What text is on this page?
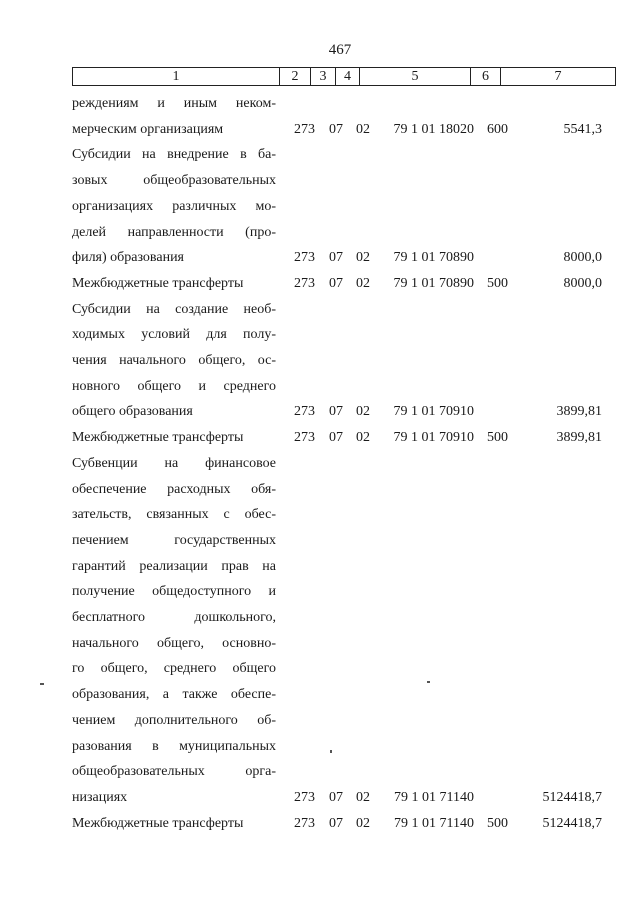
467
1	2	3	4	5	6	7
реждениям и иным неком-
мерческим организациям	273	07 02	79 1 01 18020 600	5541,3
Субсидии на внедрение в ба-
зовых общеобразовательных
организациях различных мо-
делей направленности (про-
филя) образования	273	07 02	79 1 01 70890	8000,0
Межбюджетные трансферты	273	07 02	79 1 01 70890 500	8000,0
Субсидии на создание необ-
ходимых условий для полу-
чения начального общего, ос-
новного общего и среднего
общего образования	273	07 02	79 1 01 70910	3899,81
Межбюджетные трансферты	273	07 02	79 1 01 70910 500	3899,81
Субвенции на финансовое
обеспечение расходных обя-
зательств, связанных с обес-
печением государственных
гарантий реализации прав на
получение общедоступного и
бесплатного дошкольного,
начального общего, основно-
го общего, среднего общего
образования, а также обеспе-
чением дополнительного об-
разования в муниципальных
общеобразовательных орга-
низациях	273	07 02	79 1 01 71140	5124418,7
Межбюджетные трансферты	273	07 02	79 1 01 71140 500	5124418,7
